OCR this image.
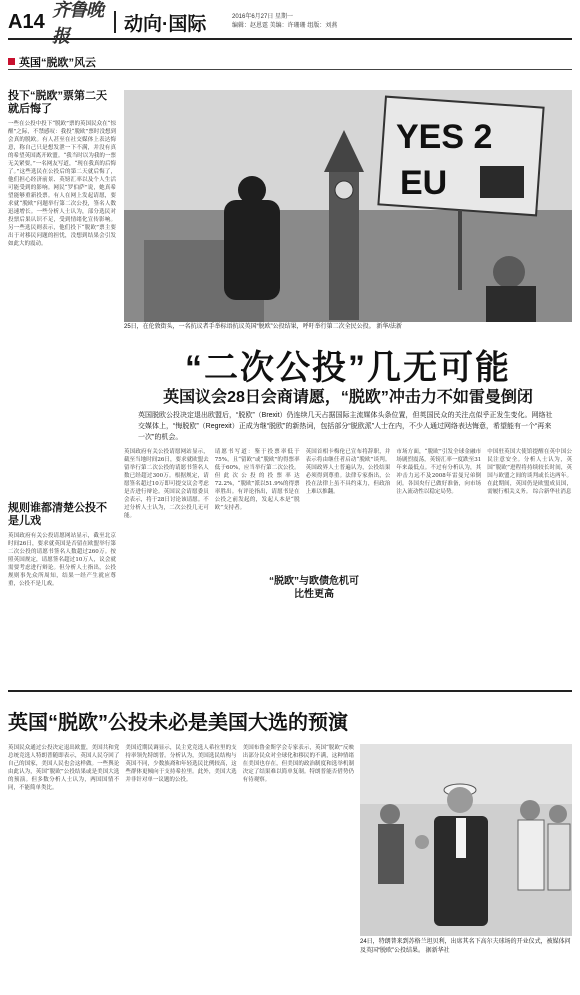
A14 齐鲁晚报
动向·国际	2016年6月27日 星期一
编辑：赵恩霆 美编：许珊珊 组版：刘燕
英国“脱欧”风云
投下“脱欧”票第二天就后悔了
一些在公投中投下“脱欧”票的英国民众在“惊醒”之际，不禁感叹：我投“脱欧”票时没想到会真的脱欧。有人甚至在社交媒体上表达悔意，称自己只是想发泄一下不满，并没有真的希望英国离开欧盟。“我当时以为我的一票无关紧要，”一名网友写道，“现在我真的后悔了。”这些选民在公投后的第二天就后悔了，他们担心经济前景、英镑汇率以及个人生活可能受到的影响。网民“罗伯萨”说，她真希望能够重新投票。有人在网上发起请愿，要求就“脱欧”问题举行第二次公投，签名人数迅速增长。一些分析人士认为，部分选民对投票后果认识不足，受到情绪化宣传影响。另一些选民则表示，他们投下“脱欧”票主要出于对移民问题的担忧，没想到结果会引发如此大的震动。
规则谁都清楚公投不是儿戏
英国政府有关公投请愿网站显示，截至北京时间26日，要求就英国是否留在欧盟举行第二次公投的请愿书签名人数超过260万。按照英国规定，请愿签名超过10万人，议会就需要考虑进行辩论。但分析人士指出，公投规则事先众所周知，结果一经产生就应尊重，公投不是儿戏。
YES 2
EU
25日，在伦敦街头，一名抗议者手举标语抗议英国“脱欧”公投结果，呼吁举行第二次全民公投。 新华/法新
“二次公投”几无可能
英国议会28日会商请愿，“脱欧”冲击力不如雷曼倒闭
英国脱欧公投决定退出欧盟后，“脱欧”（Brexit）仍连续几天占据国际主流媒体头条位置，但英国民众的关注点似乎正发生变化。网络社交媒体上，“悔脱欧”（Regrexit）正成为继“脱欧”的新热词，包括部分“脱欧派”人士在内，不少人通过网络表达悔意，希望能有一个“再来一次”的机会。
英国政府有关公投请愿网站显示，截至当地时间26日，要求就欧盟去留举行第二次公投的请愿书签名人数已经超过300万。根据规定，请愿签名超过10万即可提交议会考虑是否进行辩论。英国议会请愿委员会表示，将于28日讨论该请愿。不过分析人士认为，二次公投几无可能。
请愿书写道：鉴于投票率低于75%，且“留欧”或“脱欧”的得票率低于60%，应当举行第二次公投。但此次公投的投票率达72.2%，“脱欧”派以51.9%的得票率胜出。有评论指出，请愿书是在公投之前发起的，发起人本是“脱欧”支持者。
英国首相卡梅伦已宣布将辞职，并表示将由继任者启动“脱欧”谈判。英国政界人士普遍认为，公投结果必须得到尊重。法律专家指出，公投在法律上虽不具约束力，但政治上难以推翻。
市场方面，“脱欧”引发全球金融市场剧烈震荡，英镑汇率一度跌至31年来最低点。不过有分析认为，其冲击力远不及2008年雷曼兄弟倒闭。各国央行已做好准备，向市场注入流动性以稳定局势。
中国驻英国大使馆提醒在英中国公民注意安全。分析人士认为，英国“脱欧”进程将持续较长时间，英国与欧盟之间的谈判或长达两年。在此期间，英国仍是欧盟成员国，需履行相关义务。 综合新华社消息
“脱欧”与欧债危机可比性更高
英国“脱欧”公投未必是美国大选的预演
英国民众通过公投决定退出欧盟，美国共和党总统竞选人特朗普随即表示，英国人民夺回了自己的国家，美国人民也会这样做。一些舆论由此认为，英国“脱欧”公投结果或是美国大选的预演。但多数分析人士认为，两国国情不同，不能简单类比。
美国近期民调显示，民主党竞选人希拉里的支持率领先特朗普。分析认为，美国选民结构与英国不同，少数族裔和年轻选民比例较高，这些群体更倾向于支持希拉里。此外，美国大选并非针对单一议题的公投。
美国布鲁金斯学会专家表示，英国“脱欧”反映出部分民众对全球化和移民的不满，这种情绪在美国也存在，但美国的政治制度和选举机制决定了结果难以简单复制。特朗普能否借势仍有待观察。
24日，特朗普来到苏格兰坦贝利，出席其名下高尔夫球场的开业仪式，被媒体问及英国“脱欧”公投结果。 据新华社
